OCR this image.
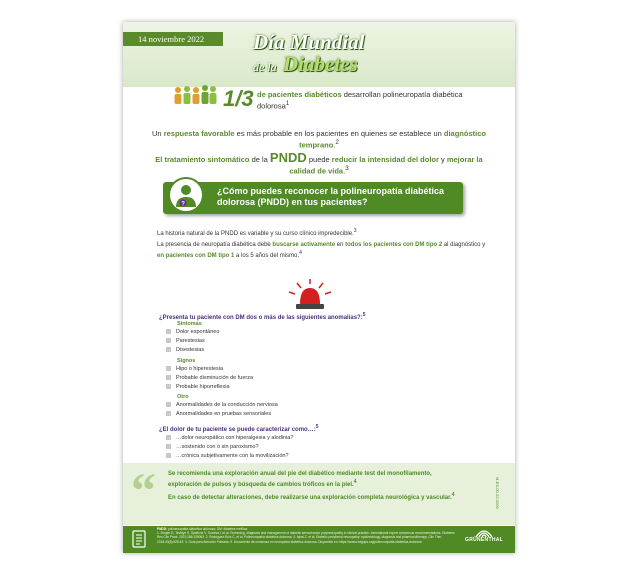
14 noviembre 2022	Día Mundial
de la Diabetes
1/3 de pacientes diabéticos desarrollan polineuropatía diabética dolorosa$^1$
Un respuesta favorable es más probable en los pacientes en quienes se establece un diagnóstico temprano.$^2$
El tratamiento sintomático de la PNDD puede reducir la intensidad del dolor y mejorar la calidad de vida.$^3$
?
¿Cómo puedes reconocer la polineuropatía diabética dolorosa (PNDD) en tus pacientes?

La historia natural de la PNDD es variable y su curso clínico impredecible.$^3$

La presencia de neuropatía diabética debe buscarse activamente en todos los pacientes con DM tipo 2 al diagnóstico y en pacientes con DM tipo 1 a los 5 años del mismo.$^4$

¿Presenta tu paciente con DM dos o más de las siguientes anomalías?:$^5$
Síntomas
Dolor espontáneo
Parestesias
Disestesias
Signos
Hipo o hiperestesia
Probable disminución de fuerza
Probable hiporreflexia
Otro
Anormalidades de la conducción nerviosa
Anormalidades en pruebas sensoriales
¿El dolor de tu paciente se puede caracterizar como…:$^5$
…dolor neuropático con hiperalgesia y alodinia?
…sostenido con o sin paroxismo?
…crónica subjetivamente con la movilización?
“ Se recomienda una exploración anual del pie del diabético mediante test del monofilamento, exploración de pulsos y búsqueda de cambios tróficos en la piel.$^4$

En caso de detectar alteraciones, debe realizarse una exploración completa neurológica y vascular.$^4$	M-ES-00-22-0000
PNDD: polineuropatía diabética dolorosa; DM: diabetes mellitus.
1. Ziegler D, Tesfaye S, Spallone V, Gurieva I, et al. Screening, diagnosis and management of diabetic sensorimotor polyneuropathy in clinical practice: International expert consensus recommendations. Diabetes Res Clin Pract. 2022;186:109063. 2. Rodríguez-Ruiz C, et al. Polineuropatía diabética dolorosa. 3. Iqbal Z, et al. Diabetic peripheral neuropathy: epidemiology, diagnosis and pharmacotherapy. Clin Ther. 2018;40(6):828-49. 4. Guía para Atención Primaria. 5. Documento de consenso en neuropatía diabética dolorosa. Disponible en: https://www.redgdps.org/polineuropatia-diabetica-dolorosa	GRÜNENTHAL
